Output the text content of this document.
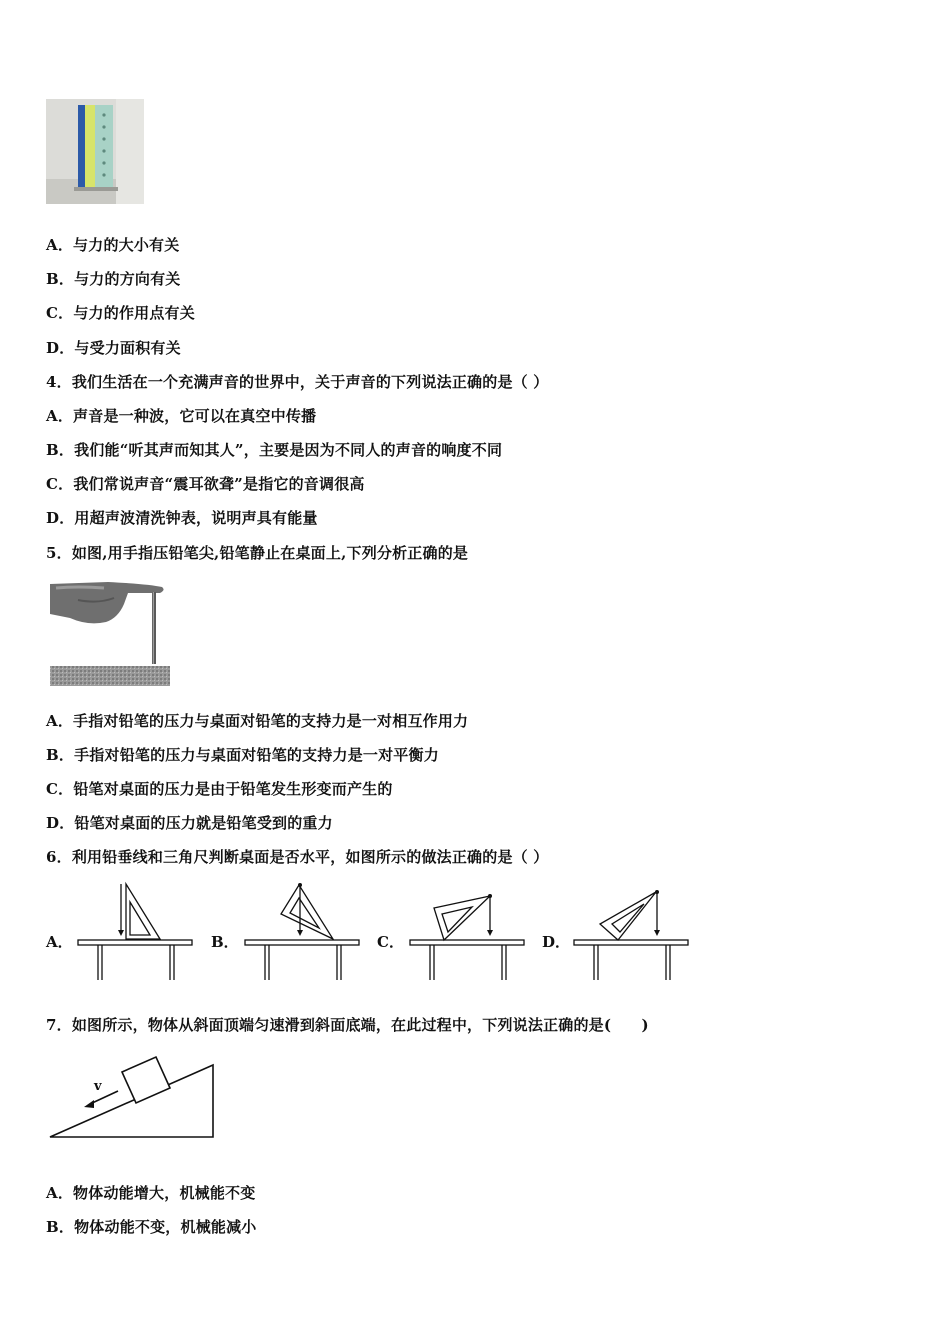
A．与力的大小有关
B．与力的方向有关
C．与力的作用点有关
D．与受力面积有关
4．我们生活在一个充满声音的世界中，关于声音的下列说法正确的是（ ）
A．声音是一种波，它可以在真空中传播
B．我们能“听其声而知其人”，主要是因为不同人的声音的响度不同
C．我们常说声音“震耳欲聋”是指它的音调很高
D．用超声波清洗钟表，说明声具有能量
5．如图,用手指压铅笔尖,铅笔静止在桌面上,下列分析正确的是
A．手指对铅笔的压力与桌面对铅笔的支持力是一对相互作用力
B．手指对铅笔的压力与桌面对铅笔的支持力是一对平衡力
C．铅笔对桌面的压力是由于铅笔发生形变而产生的
D．铅笔对桌面的压力就是铅笔受到的重力
6．利用铅垂线和三角尺判断桌面是否水平，如图所示的做法正确的是（ ）
A．	B．	C．	D．
7．如图所示，物体从斜面顶端匀速滑到斜面底端，在此过程中，下列说法正确的是(　　)
v
A．物体动能增大，机械能不变
B．物体动能不变，机械能减小
